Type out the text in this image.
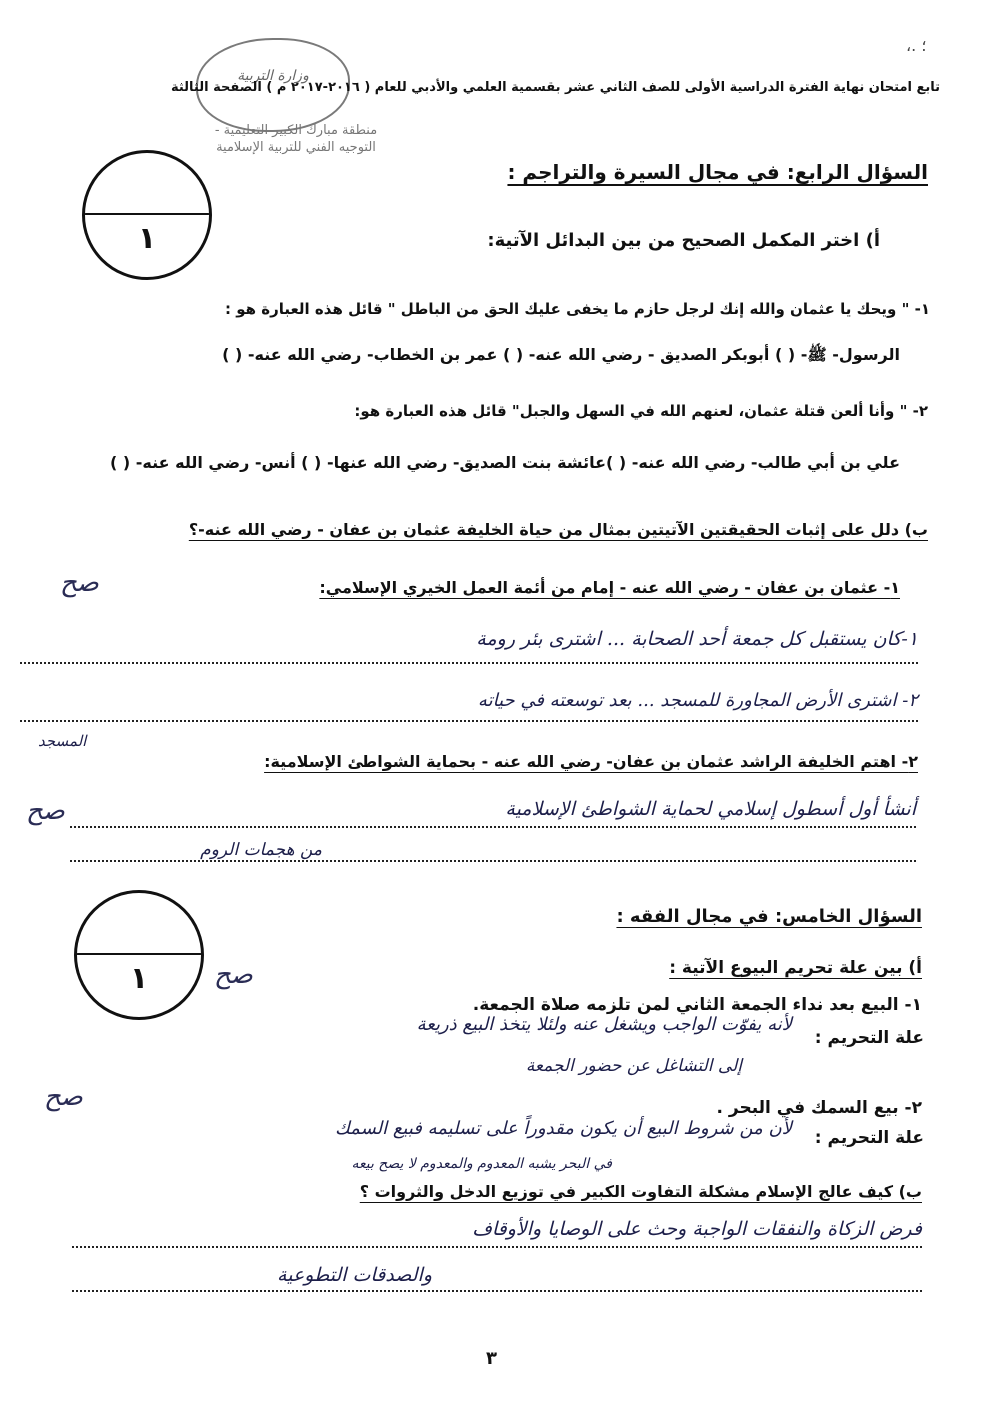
؛ .،
وزارة التربية
منطقة مبارك الكبير التعليمية - التوجيه الفني للتربية الإسلامية
تابع امتحان نهاية الفترة الدراسية الأولى للصف الثاني عشر بقسمية العلمي والأدبي للعام ( ٢٠١٦-٢٠١٧ م ) الصفحة الثالثة
السؤال الرابع: في مجال السيرة والتراجم :
١	أ) اختر المكمل الصحيح من بين البدائل الآتية:
١- " ويحك يا عثمان والله إنك لرجل حازم ما يخفى عليك الحق من الباطل " قائل هذه العبارة هو :
الرسول- ﷺ- ( ) أبوبكر الصديق - رضي الله عنه- ( ) عمر بن الخطاب- رضي الله عنه- ( )
٢- " وأنا ألعن قتلة عثمان، لعنهم الله في السهل والجبل" قائل هذه العبارة هو:
علي بن أبي طالب- رضي الله عنه- ( )عائشة بنت الصديق- رضي الله عنها- ( ) أنس- رضي الله عنه- ( )
ب) دلل على إثبات الحقيقتين الآتيتين بمثال من حياة الخليفة عثمان بن عفان - رضي الله عنه-؟
صح	١- عثمان بن عفان - رضي الله عنه - إمام من أئمة العمل الخيري الإسلامي:
١-كان يستقبل كل جمعة أحد الصحابة ... اشترى بئر رومة
٢- اشترى الأرض المجاورة للمسجد ... بعد توسعته في حياته
المسجد
٢- اهتم الخليفة الراشد عثمان بن عفان- رضي الله عنه - بحماية الشواطئ الإسلامية:
صح	أنشأ أول أسطول إسلامي لحماية الشواطئ الإسلامية
من هجمات الروم
١
السؤال الخامس: في مجال الفقه :
أ) بين علة تحريم البيوع الآتية :
صح
١- البيع بعد نداء الجمعة الثاني لمن تلزمه صلاة الجمعة.
علة التحريم :
لأنه يفوّت الواجب ويشغل عنه ولئلا يتخذ البيع ذريعة
إلى التشاغل عن حضور الجمعة
صح	٢- بيع السمك في البحر .
علة التحريم :
لأن من شروط البيع أن يكون مقدوراً على تسليمه فبيع السمك
في البحر يشبه المعدوم والمعدوم لا يصح بيعه
ب) كيف عالج الإسلام مشكلة التفاوت الكبير في توزيع الدخل والثروات ؟
فرض الزكاة والنفقات الواجبة وحث على الوصايا والأوقاف
والصدقات التطوعية
٣
